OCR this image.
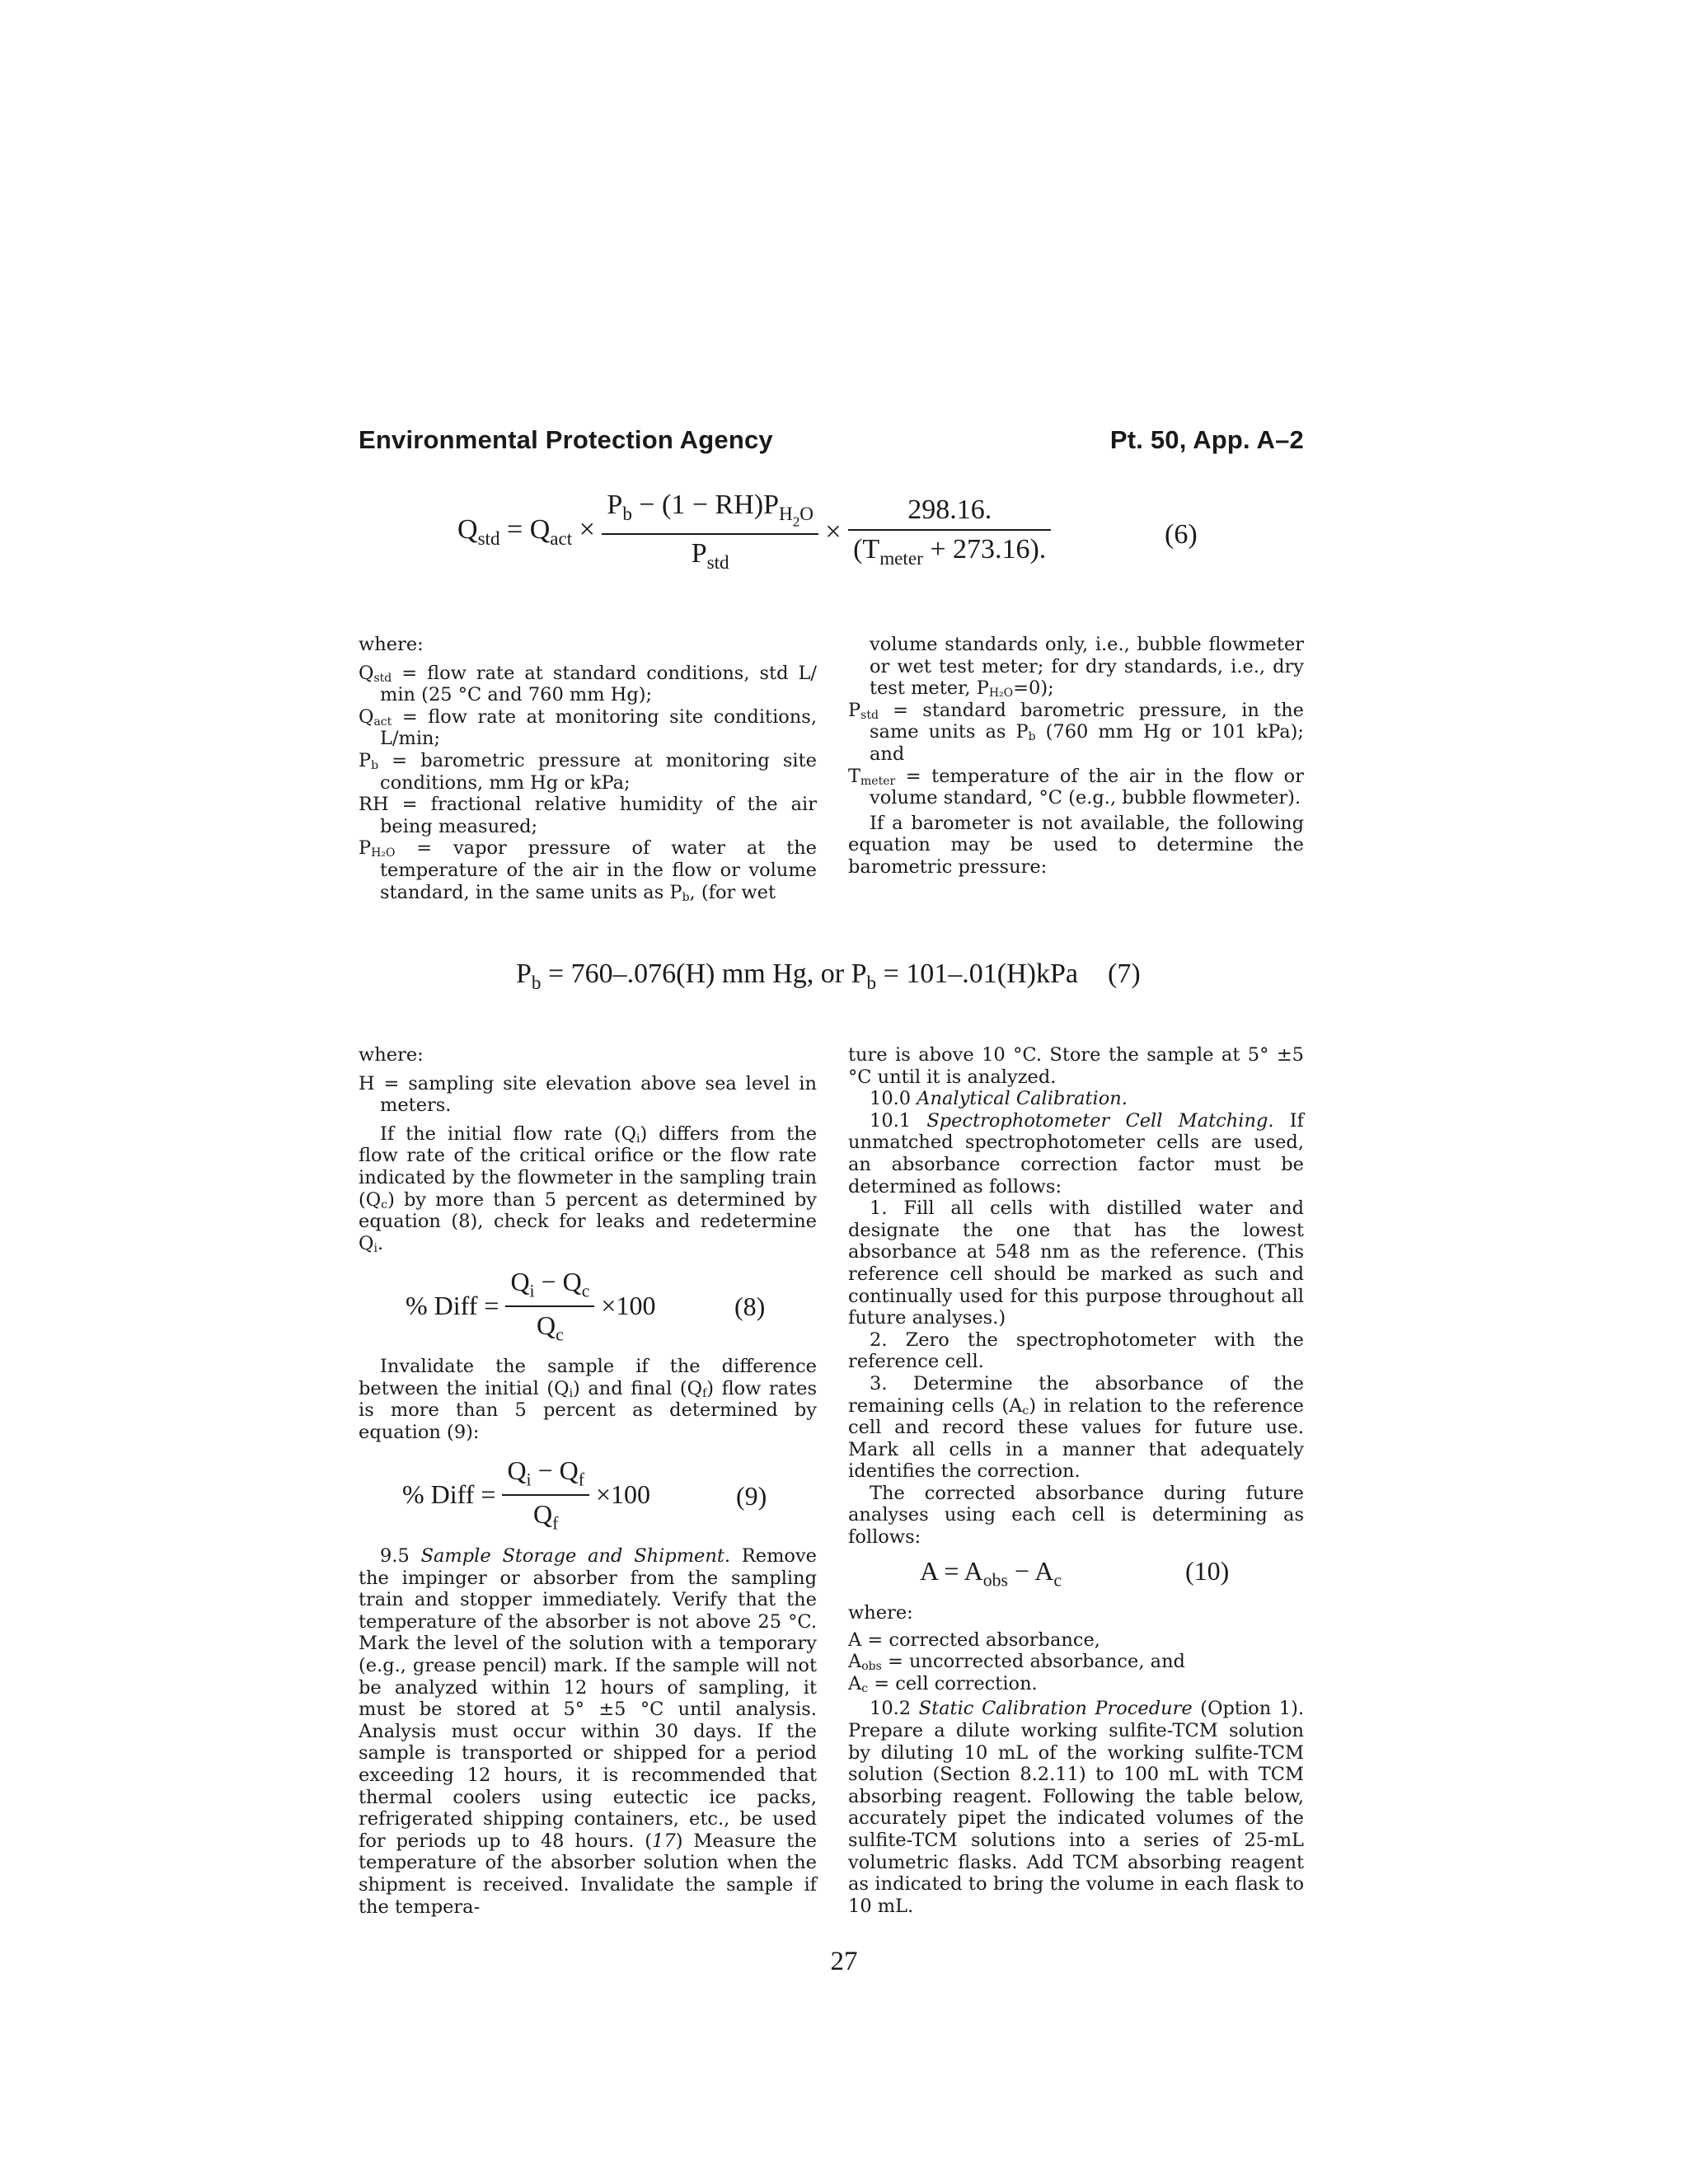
Environmental Protection Agency	Pt. 50, App. A–2
$Q_{std} = Q_{act} \times \frac{P_b - (1 - RH)P_{H2O}}{P_{std}} \times \frac{298.16.}{(T_{meter} + 273.16).}$	(6)

where:

$Q_{std}$ = flow rate at standard conditions, std L/ min (25 °C and 760 mm Hg);

$Q_{act}$ = flow rate at monitoring site conditions, L/min;

$P_b$ = barometric pressure at monitoring site conditions, mm Hg or kPa;

RH = fractional relative humidity of the air being measured;

$P_{H_2O}$ = vapor pressure of water at the temperature of the air in the flow or volume standard, in the same units as $P_b$, (for wet

volume standards only, i.e., bubble flowmeter or wet test meter; for dry standards, i.e., dry test meter, $P_{H_2O}=0$);

$P_{std}$ = standard barometric pressure, in the same units as $P_b$ (760 mm Hg or 101 kPa); and

$T_{meter}$ = temperature of the air in the flow or volume standard, °C (e.g., bubble flowmeter).

If a barometer is not available, the following equation may be used to determine the barometric pressure:

$P_b = 760-.076(H)$ mm Hg, or $P_b = 101-.01(H)kPa$ (7)

where:

H = sampling site elevation above sea level in meters.

If the initial flow rate $(Q_i)$ differs from the flow rate of the critical orifice or the flow rate indicated by the flowmeter in the sampling train $(Q_c)$ by more than 5 percent as determined by equation (8), check for leaks and redetermine $Q_i$.

% Diff = $\frac{Q_i - Q_c}{Q_c} \times 100$	(8)

Invalidate the sample if the difference between the initial $(Q_i)$ and final $(Q_f)$ flow rates is more than 5 percent as determined by equation (9):

% Diff = $\frac{Q_i - Q_f}{Q_f} \times 100$	(9)

9.5 Sample Storage and Shipment. Remove the impinger or absorber from the sampling train and stopper immediately. Verify that the temperature of the absorber is not above 25 °C. Mark the level of the solution with a temporary (e.g., grease pencil) mark. If the sample will not be analyzed within 12 hours of sampling, it must be stored at 5° ±5 °C until analysis. Analysis must occur within 30 days. If the sample is transported or shipped for a period exceeding 12 hours, it is recommended that thermal coolers using eutectic ice packs, refrigerated shipping containers, etc., be used for periods up to 48 hours. (17) Measure the temperature of the absorber solution when the shipment is received. Invalidate the sample if the tempera-

ture is above 10 °C. Store the sample at 5° ±5 °C until it is analyzed.

10.0 Analytical Calibration.

10.1 Spectrophotometer Cell Matching. If unmatched spectrophotometer cells are used, an absorbance correction factor must be determined as follows:

1. Fill all cells with distilled water and designate the one that has the lowest absorbance at 548 nm as the reference. (This reference cell should be marked as such and continually used for this purpose throughout all future analyses.)

2. Zero the spectrophotometer with the reference cell.

3. Determine the absorbance of the remaining cells $(A_c)$ in relation to the reference cell and record these values for future use. Mark all cells in a manner that adequately identifies the correction.

The corrected absorbance during future analyses using each cell is determining as follows:

$A = A_{obs} - A_c$	(10)

where:

A = corrected absorbance,

$A_{obs}$ = uncorrected absorbance, and

$A_c$ = cell correction.

10.2 Static Calibration Procedure (Option 1). Prepare a dilute working sulfite-TCM solution by diluting 10 mL of the working sulfite-TCM solution (Section 8.2.11) to 100 mL with TCM absorbing reagent. Following the table below, accurately pipet the indicated volumes of the sulfite-TCM solutions into a series of 25-mL volumetric flasks. Add TCM absorbing reagent as indicated to bring the volume in each flask to 10 mL.

27
